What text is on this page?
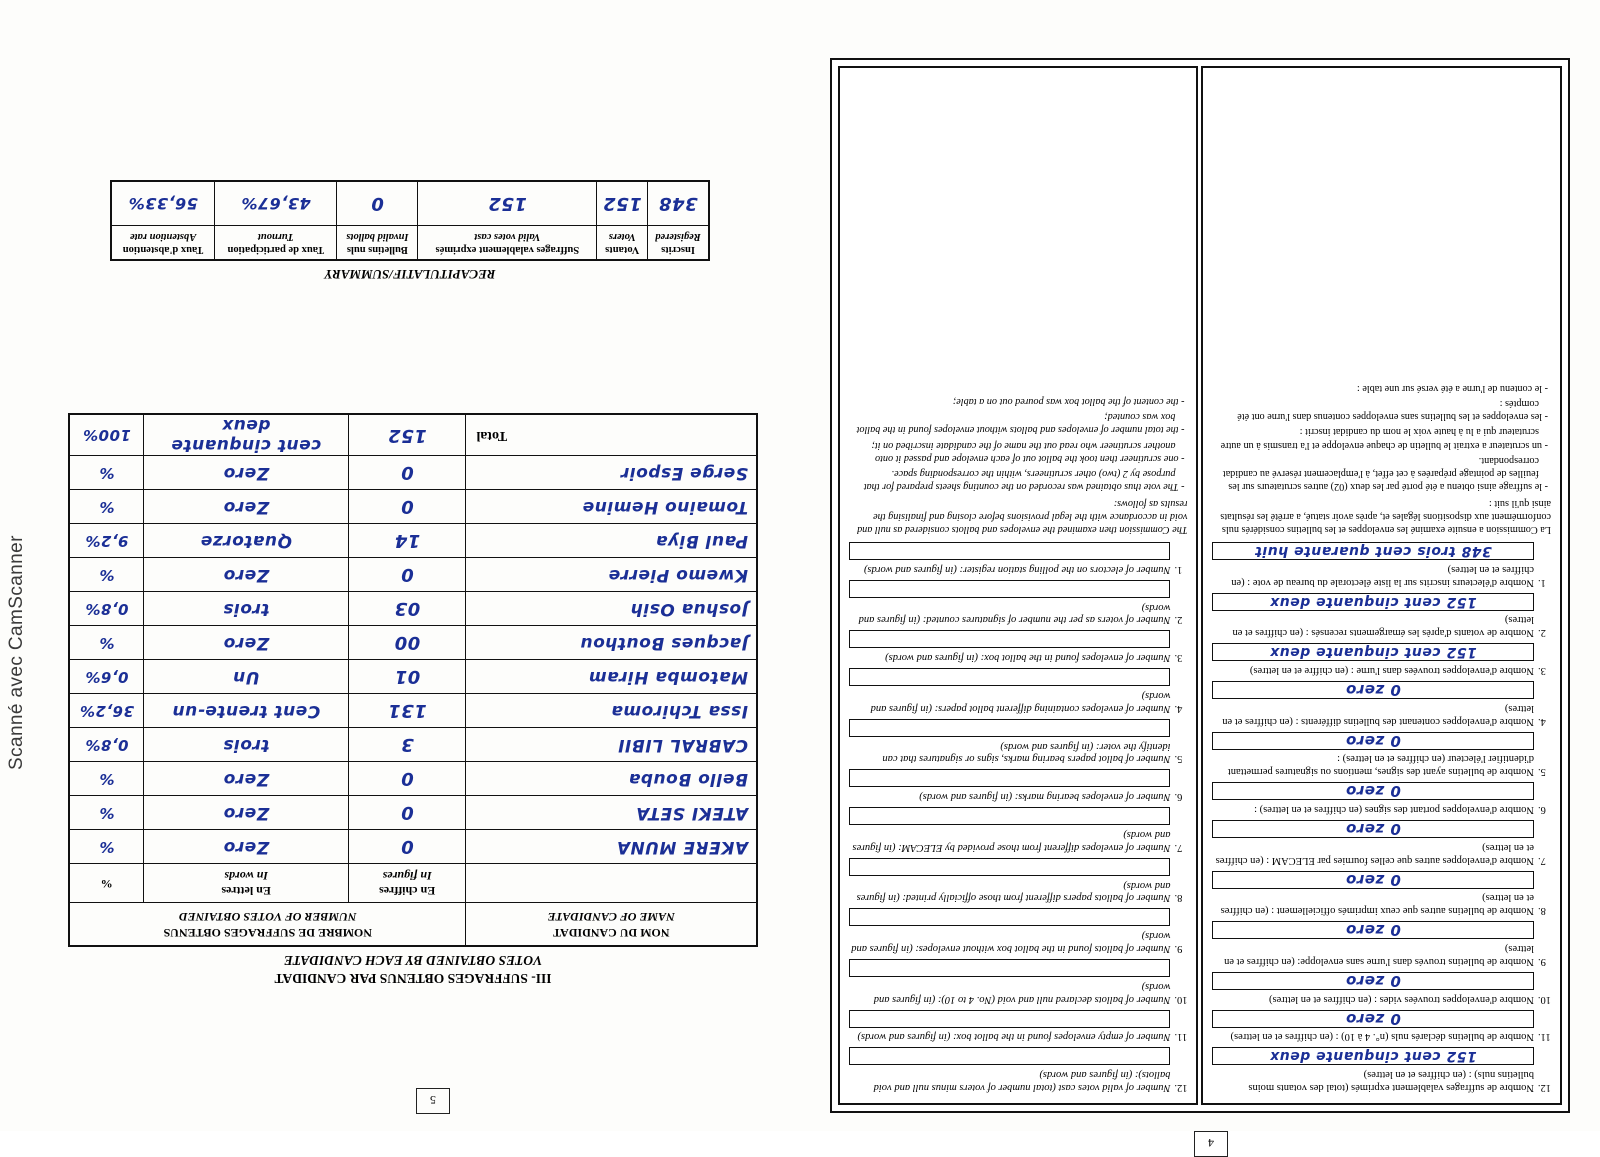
5
III- SUFFRAGES OBTENUS PAR CANDIDAT
VOTES OBTAINED BY EACH CANDIDATE
NOM DU CANDIDAT
NAME OF CANDIDATE

NOMBRE DE SUFFRAGES OBTENUS
NUMBER OF VOTES OBTAINED

En chiffres
In figures

En lettres
In words
	%
AKERE MUNA	0	Zero	%
ATEKI SETA	0	Zero	%
Bello Bouba	0	Zero	%
CABRAL LIBII	3	trois	0,8%
Issa Tchiroma	131	Cent trente-un	36,2%
Matomba Hiram	01	Un	0,6%
Jacques Bouthou	00	Zero	%
Joshua Osih	03	trois	0,8%
Kwemo Pierre	0	Zero	%
Paul Biya	14	Quatorze	9,2%
Tomaino Hemine	0	Zero	%
Serge Espoir	0	Zero	%
Total	152	cent cinquante deux	100%
RECAPITULATIF/SUMMARY
Inscrits
Registered

Votants
Voters

Suffrages valablement exprimés
Valid votes cast

Bulletins nuls
Invalid ballots

Taux de participation
Turnout

Taux d'abstention
Abstention rate

348	152	152	0	43,67%	56,33%
4
12.
Nombre de suffrages valablement exprimés (total des votants moins bulletins nuls) : (en chiffres et en lettres)
152 cent cinquante deux
11.
Nombre de bulletins déclarés nuls (n°. 4 à 10) : (en chiffres et en lettres)
0 zero
10.
Nombre d'enveloppes trouvées vides : (en chiffres et en lettres)
0 zero
9.
Nombre de bulletins trouvés dans l'urne sans enveloppe: (en chiffres et en lettres)
0 zero
8.
Nombre de bulletins autres que ceux imprimés officiellement : (en chiffres et en lettres)
0 zero
7.
Nombre d'enveloppes autres que celles fournies par ELECAM : (en chiffres et en lettres)
0 zero
6.
Nombre d'enveloppes portant des signes (en chiffres et en lettres) :
0 zero
5.
Nombre de bulletins ayant des signes, mentions ou signatures permettant d'identifier l'électeur (en chiffres et en lettres) :
0 zero
4.
Nombre d'enveloppes contenant des bulletins différents : (en chiffres et en lettres)
0 zero
3.
Nombre d'enveloppes trouvées dans l'urne : (en chiffre et en lettres)
152 cent cinquante deux
2.
Nombre de votants d'après les émargements recensés : (en chiffres et en lettres)
152 cent cinquante deux
1.
Nombre d'électeurs inscrits sur la liste électorale du bureau de vote : (en chiffres et en lettres)
348 trois cent quarante huit

La Commission a ensuite examiné les enveloppes et les bulletins considérés nuls conformément aux dispositions légales et, après avoir statué, a arrêté les résultats ainsi qu'il suit :

- le suffrage ainsi obtenu a été porté par les deux (02) autres scrutateurs sur les feuilles de pointage préparées à cet effet, à l'emplacement réservé au candidat correspondant.
- un scrutateur a extrait le bulletin de chaque enveloppe et l'a transmis à un autre scrutateur qui a lu à haute voix le nom du candidat inscrit :
- les enveloppes et les bulletins sans enveloppes contenus dans l'urne ont été comptés :
- le contenu de l'urne a été versé sur une table :
12.
Number of valid votes cast (total number of voters minus null and void ballots): (in figures and words)
11.
Number of empty envelopes found in the ballot box: (in figures and words)
10.
Number of ballots declared null and void (No. 4 to 10): (in figures and words)
9.
Number of ballots found in the ballot box without envelopes: (in figures and words)
8.
Number of ballots papers different from those officially printed: (in figures and words)
7.
Number of envelopes different from those provided by ELECAM: (in figures and words)
6.
Number of envelopes bearing marks: (in figures and words)
5.
Number of ballot papers bearing marks, signs or signatures that can identify the voter: (in figures and words)
4.
Number of envelopes containing different ballot papers: (in figures and words)
3.
Number of envelopes found in the ballot box: (in figures and words)
2.
Number of voters as per the number of signatures counted: (in figures and words)
1.
Number of electors on the polling station register: (in figures and words)

The Commission then examined the envelopes and ballots considered as null and void in accordance with the legal provisions before closing and finalising the results as follows:

- The vote thus obtained was recorded on the counting sheets prepared for that purpose by 2 (two) other scrutineers, within the corresponding space.
- one scrutineer then took the ballot out of each envelope and passed it onto another scrutineer who read out the name of the candidate inscribed on it;
- the total number of envelopes and ballots without envelopes found in the ballot box was counted;
- the content of the ballot box was poured out on a table;
Scanné avec CamScanner
